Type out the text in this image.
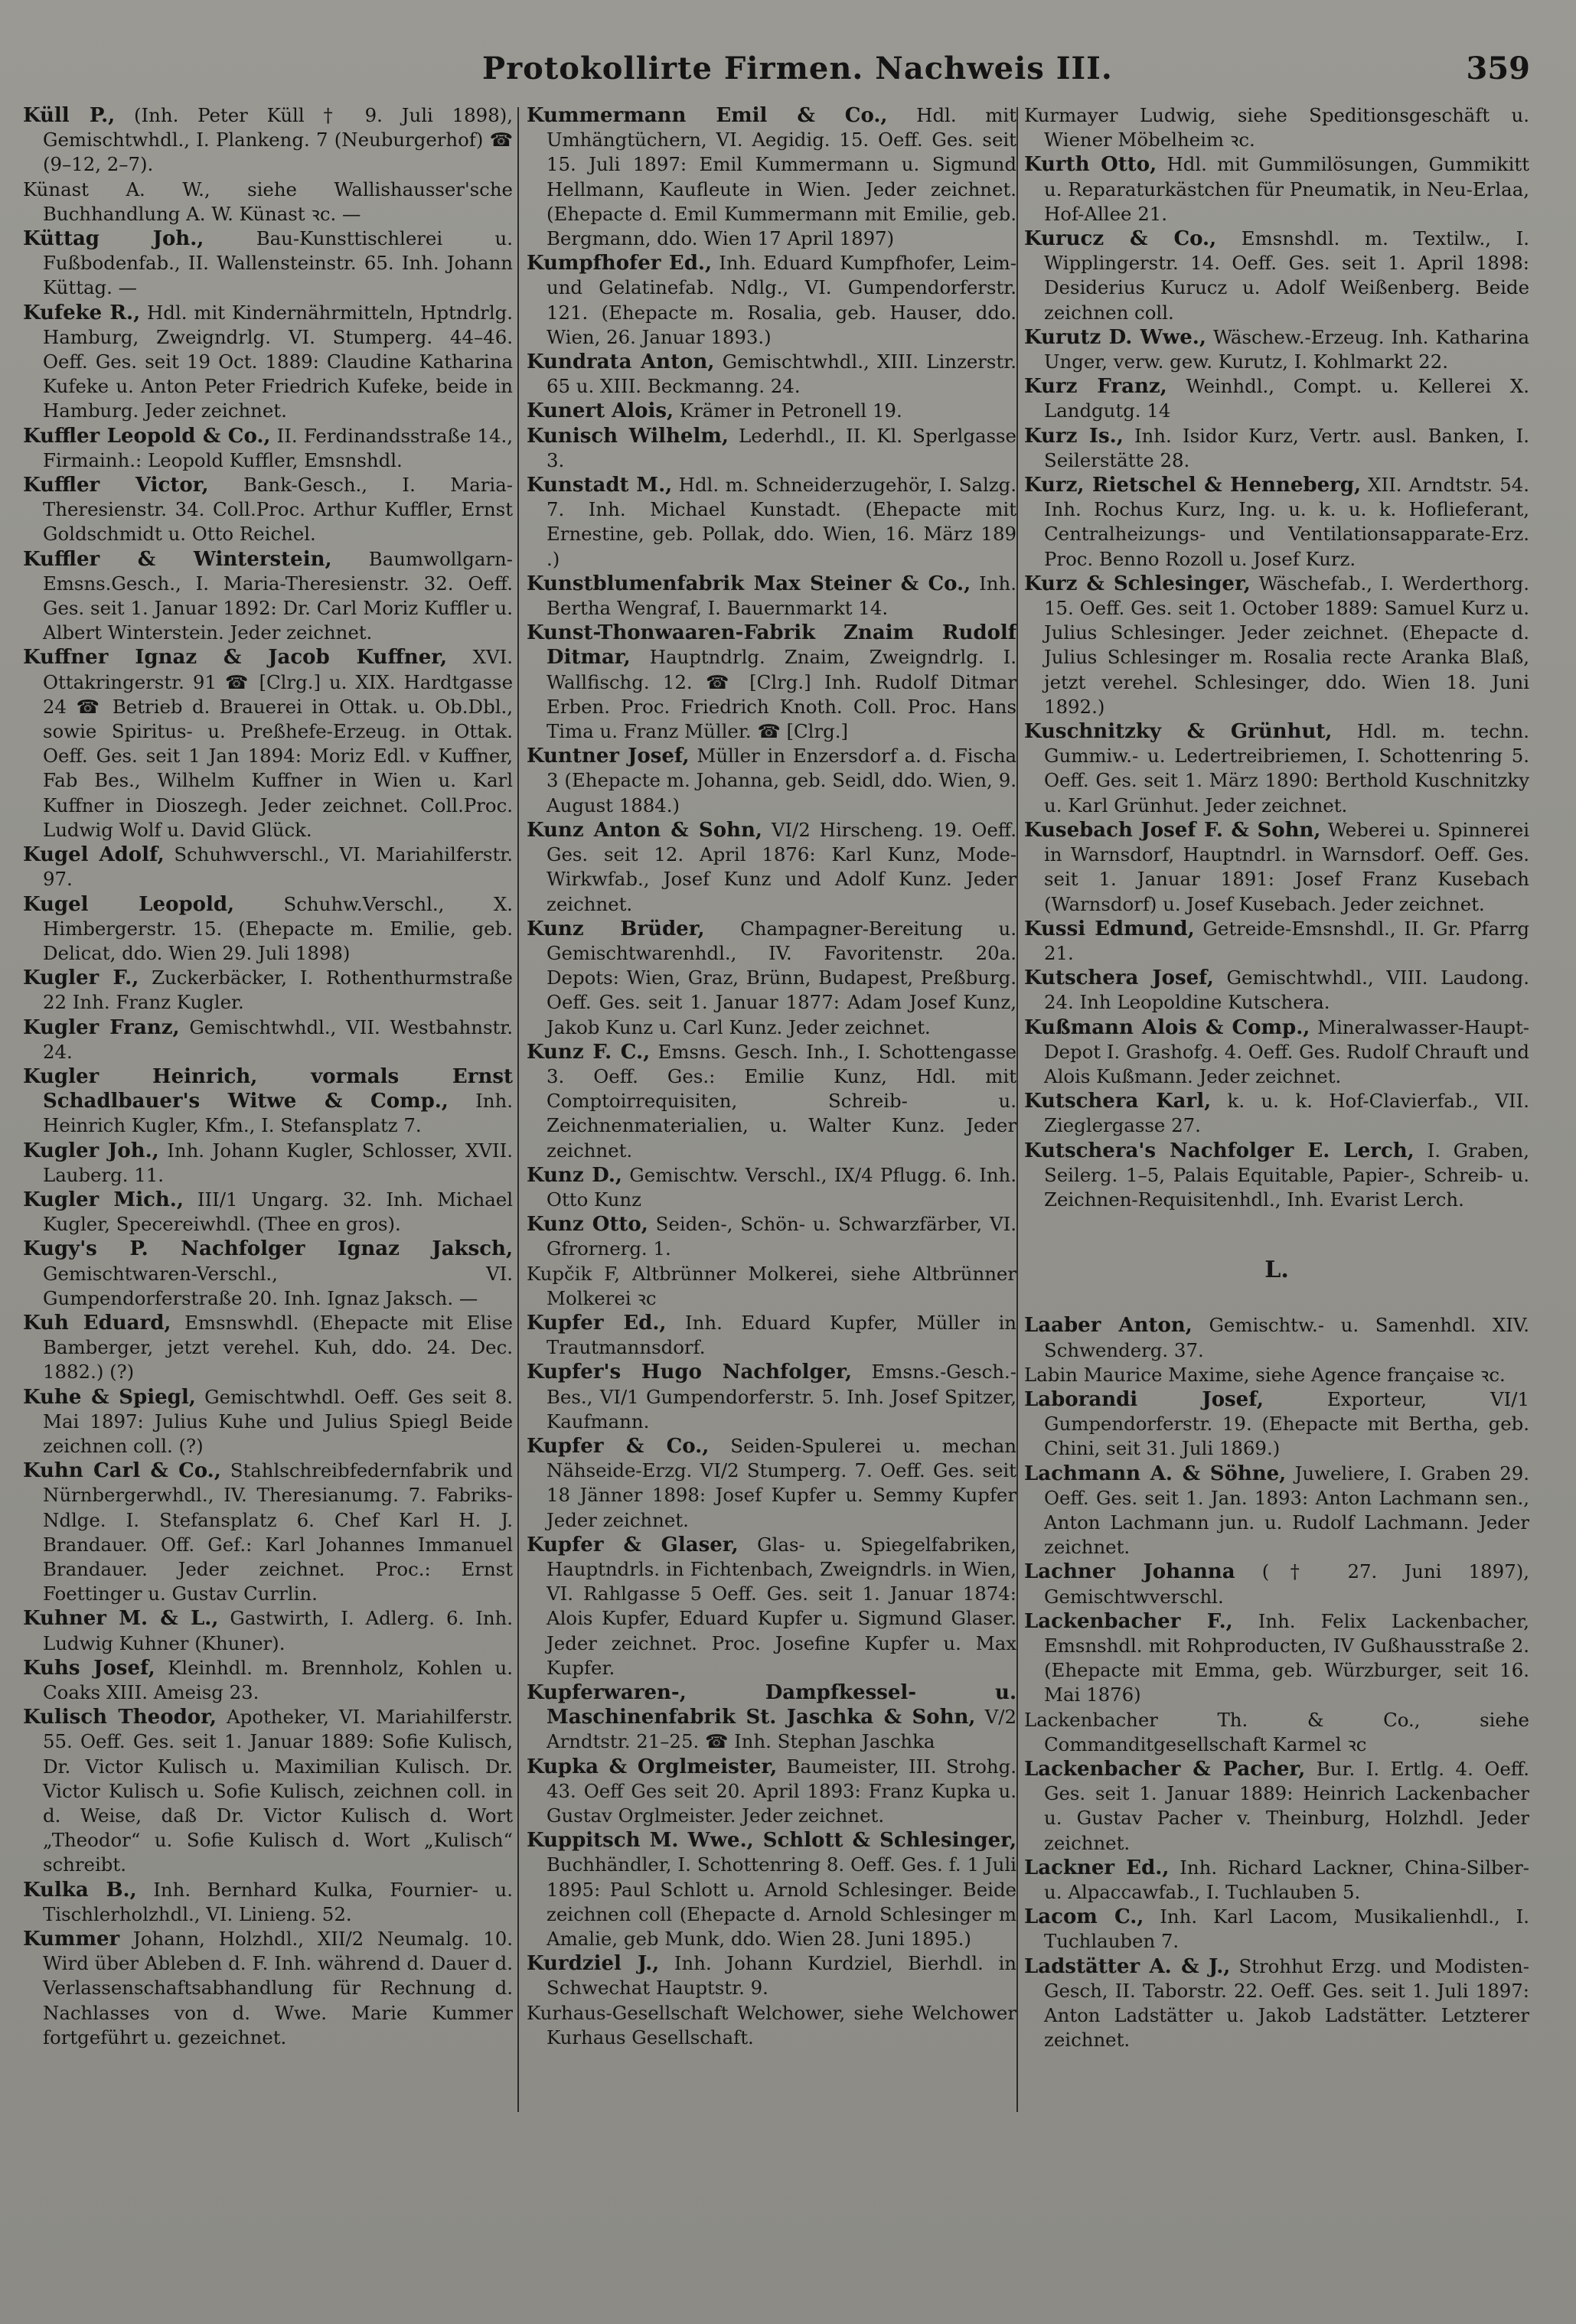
Protokollirte Firmen. Nachweis III.	359

Küll P., (Inh. Peter Küll † 9. Juli 1898), Gemischtwhdl., I. Plankeng. 7 (Neuburgerhof) ☎ (9–12, 2–7).

Künast A. W., siehe Wallishausser'sche Buchhandlung A. W. Künast ꝛc. —

Küttag Joh.,	Bau-Kunsttischlerei u. Fußbodenfab., II. Wallensteinstr. 65. Inh. Johann Küttag. —

Kufeke R., Hdl. mit Kindernährmitteln, Hptndrlg. Hamburg, Zweigndrlg. VI. Stumperg. 44–46. Oeff. Ges. seit 19 Oct. 1889: Claudine Katharina Kufeke u. Anton Peter Friedrich Kufeke, beide in Hamburg. Jeder zeichnet.

Kuffler Leopold & Co., II. Ferdinandsstraße 14., Firmainh.: Leopold Kuffler, Emsnshdl.

Kuffler Victor, Bank-Gesch., I. Maria-Theresienstr. 34. Coll.Proc. Arthur Kuffler, Ernst Goldschmidt u. Otto Reichel.

Kuffler & Winterstein, Baumwollgarn-Emsns.Gesch., I. Maria-Theresienstr. 32. Oeff. Ges. seit 1. Januar 1892: Dr. Carl Moriz Kuffler u. Albert Winterstein. Jeder zeichnet.

Kuffner Ignaz & Jacob Kuffner, XVI. Ottakringerstr. 91 ☎ [Clrg.] u. XIX. Hardtgasse 24 ☎ Betrieb d. Brauerei in Ottak. u. Ob.Dbl., sowie Spiritus- u. Preßhefe-Erzeug. in Ottak. Oeff. Ges. seit 1 Jan 1894: Moriz Edl. v Kuffner, Fab Bes., Wilhelm Kuffner in Wien u. Karl Kuffner in Dioszegh. Jeder zeichnet. Coll.Proc. Ludwig Wolf u. David Glück.

Kugel Adolf, Schuhwverschl., VI. Mariahilferstr. 97.

Kugel Leopold,	Schuhw.Verschl., X. Himbergerstr. 15. (Ehepacte m. Emilie, geb. Delicat, ddo. Wien 29. Juli 1898)

Kugler F., Zuckerbäcker, I. Rothenthurmstraße 22 Inh. Franz Kugler.

Kugler Franz, Gemischtwhdl., VII. Westbahnstr. 24.

Kugler Heinrich, vormals Ernst Schadlbauer's Witwe & Comp., Inh. Heinrich Kugler, Kfm., I. Stefansplatz 7.

Kugler Joh., Inh. Johann Kugler, Schlosser, XVII. Lauberg. 11.

Kugler Mich., III/1 Ungarg. 32. Inh. Michael Kugler, Specereiwhdl. (Thee en gros).

Kugy's P. Nachfolger Ignaz Jaksch, Gemischtwaren-Verschl., VI. Gumpendorferstraße 20. Inh. Ignaz Jaksch. —

Kuh Eduard, Emsnswhdl. (Ehepacte mit Elise Bamberger, jetzt verehel. Kuh, ddo. 24. Dec. 1882.) (?)

Kuhe & Spiegl, Gemischtwhdl. Oeff. Ges seit 8. Mai 1897: Julius Kuhe und Julius Spiegl Beide zeichnen coll. (?)

Kuhn Carl & Co., Stahlschreibfedernfabrik und Nürnbergerwhdl., IV. Theresianumg. 7. Fabriks-Ndlge. I. Stefansplatz 6. Chef Karl H. J. Brandauer. Off. Gef.: Karl Johannes Immanuel Brandauer. Jeder zeichnet. Proc.: Ernst Foettinger u. Gustav Currlin.

Kuhner M. & L., Gastwirth, I. Adlerg. 6. Inh. Ludwig Kuhner (Khuner).

Kuhs Josef, Kleinhdl. m. Brennholz, Kohlen u. Coaks XIII. Ameisg 23.

Kulisch Theodor, Apotheker, VI. Mariahilferstr. 55. Oeff. Ges. seit 1. Januar 1889: Sofie Kulisch, Dr. Victor Kulisch u. Maximilian Kulisch. Dr. Victor Kulisch u. Sofie Kulisch, zeichnen coll. in d. Weise, daß Dr. Victor Kulisch d. Wort „Theodor“ u. Sofie Kulisch d. Wort „Kulisch“ schreibt.

Kulka B., Inh. Bernhard Kulka, Fournier- u. Tischlerholzhdl., VI. Linieng. 52.

Kummer Johann, Holzhdl., XII/2 Neumalg. 10. Wird über Ableben d. F. Inh. während d. Dauer d. Verlassenschaftsabhandlung für Rechnung d. Nachlasses von d. Wwe. Marie Kummer fortgeführt u. gezeichnet.

Kummermann Emil & Co., Hdl. mit Umhängtüchern, VI. Aegidig. 15. Oeff. Ges. seit 15. Juli 1897: Emil Kummermann u. Sigmund Hellmann, Kaufleute in Wien. Jeder zeichnet. (Ehepacte d. Emil Kummermann mit Emilie, geb. Bergmann, ddo. Wien 17 April 1897)

Kumpfhofer Ed., Inh. Eduard Kumpfhofer, Leim- und Gelatinefab. Ndlg., VI. Gumpendorferstr. 121. (Ehepacte m. Rosalia, geb. Hauser, ddo. Wien, 26. Januar 1893.)

Kundrata Anton, Gemischtwhdl., XIII. Linzerstr. 65 u. XIII. Beckmanng. 24.

Kunert Alois, Krämer in Petronell 19.

Kunisch Wilhelm, Lederhdl., II. Kl. Sperlgasse 3.

Kunstadt M., Hdl. m. Schneiderzugehör, I. Salzg. 7. Inh. Michael Kunstadt. (Ehepacte mit Ernestine, geb. Pollak, ddo. Wien, 16. März 189 .)

Kunstblumenfabrik Max Steiner & Co., Inh. Bertha Wengraf, I. Bauernmarkt 14.

Kunst-Thonwaaren-Fabrik Znaim Rudolf Ditmar, Hauptndrlg. Znaim, Zweigndrlg. I. Wallfischg. 12. ☎ [Clrg.] Inh. Rudolf Ditmar Erben. Proc. Friedrich Knoth. Coll. Proc. Hans Tima u. Franz Müller. ☎ [Clrg.]

Kuntner Josef, Müller in Enzersdorf a. d. Fischa 3 (Ehepacte m. Johanna, geb. Seidl, ddo. Wien, 9. August 1884.)

Kunz Anton & Sohn, VI/2 Hirscheng. 19. Oeff. Ges. seit 12. April 1876: Karl Kunz, Mode-Wirkwfab., Josef Kunz und Adolf Kunz. Jeder zeichnet.

Kunz Brüder, Champagner-Bereitung u. Gemischtwarenhdl., IV. Favoritenstr. 20a. Depots: Wien, Graz, Brünn, Budapest, Preßburg. Oeff. Ges. seit 1. Januar 1877: Adam Josef Kunz, Jakob Kunz u. Carl Kunz. Jeder zeichnet.

Kunz F. C., Emsns. Gesch. Inh., I. Schottengasse 3. Oeff. Ges.: Emilie Kunz, Hdl. mit Comptoirrequisiten, Schreib- u. Zeichnenmaterialien, u. Walter Kunz. Jeder zeichnet.

Kunz D., Gemischtw. Verschl., IX/4 Pflugg. 6. Inh. Otto Kunz

Kunz Otto, Seiden-, Schön- u. Schwarzfärber, VI. Gfrornerg. 1.

Kupčik F, Altbrünner Molkerei, siehe Altbrünner Molkerei ꝛc

Kupfer Ed., Inh. Eduard Kupfer, Müller in Trautmannsdorf.

Kupfer's Hugo Nachfolger, Emsns.-Gesch.-Bes., VI/1 Gumpendorferstr. 5. Inh. Josef Spitzer, Kaufmann.

Kupfer & Co., Seiden-Spulerei u. mechan Nähseide-Erzg. VI/2 Stumperg. 7. Oeff. Ges. seit 18 Jänner 1898: Josef Kupfer u. Semmy Kupfer Jeder zeichnet.

Kupfer & Glaser, Glas- u. Spiegelfabriken, Hauptndrls. in Fichtenbach, Zweigndrls. in Wien, VI. Rahlgasse 5 Oeff. Ges. seit 1. Januar 1874: Alois Kupfer, Eduard Kupfer u. Sigmund Glaser. Jeder zeichnet. Proc. Josefine Kupfer u. Max Kupfer.

Kupferwaren-, Dampfkessel- u. Maschinenfabrik St. Jaschka & Sohn, V/2 Arndtstr. 21–25. ☎ Inh. Stephan Jaschka

Kupka & Orglmeister, Baumeister, III. Strohg. 43. Oeff Ges seit 20. April 1893: Franz Kupka u. Gustav Orglmeister. Jeder zeichnet.

Kuppitsch M. Wwe., Schlott & Schlesinger, Buchhändler, I. Schottenring 8. Oeff. Ges. f. 1 Juli 1895: Paul Schlott u. Arnold Schlesinger. Beide zeichnen coll (Ehepacte d. Arnold Schlesinger m Amalie, geb Munk, ddo. Wien 28. Juni 1895.)

Kurdziel J., Inh. Johann Kurdziel, Bierhdl. in Schwechat Hauptstr. 9.

Kurhaus-Gesellschaft Welchower, siehe Welchower Kurhaus Gesellschaft.

Kurmayer Ludwig, siehe Speditionsgeschäft u. Wiener Möbelheim ꝛc.

Kurth Otto, Hdl. mit Gummilösungen, Gummikitt u. Reparaturkästchen für Pneumatik, in Neu-Erlaa, Hof-Allee 21.

Kurucz & Co., Emsnshdl. m. Textilw., I. Wipplingerstr. 14. Oeff. Ges. seit 1. April 1898: Desiderius Kurucz u. Adolf Weißenberg. Beide zeichnen coll.

Kurutz D. Wwe., Wäschew.-Erzeug. Inh. Katharina Unger, verw. gew. Kurutz, I. Kohlmarkt 22.

Kurz Franz, Weinhdl., Compt. u. Kellerei X. Landgutg. 14

Kurz Is., Inh. Isidor Kurz, Vertr. ausl. Banken, I. Seilerstätte 28.

Kurz, Rietschel & Henneberg, XII. Arndtstr. 54. Inh. Rochus Kurz, Ing. u. k. u. k. Hoflieferant, Centralheizungs- und Ventilationsapparate-Erz. Proc. Benno Rozoll u. Josef Kurz.

Kurz & Schlesinger, Wäschefab., I. Werderthorg. 15. Oeff. Ges. seit 1. October 1889: Samuel Kurz u. Julius Schlesinger. Jeder zeichnet. (Ehepacte d. Julius Schlesinger m. Rosalia recte Aranka Blaß, jetzt verehel. Schlesinger, ddo. Wien 18. Juni 1892.)

Kuschnitzky & Grünhut, Hdl. m. techn. Gummiw.- u. Ledertreibriemen, I. Schottenring 5. Oeff. Ges. seit 1. März 1890: Berthold Kuschnitzky u. Karl Grünhut. Jeder zeichnet.

Kusebach Josef F. & Sohn, Weberei u. Spinnerei in Warnsdorf, Hauptndrl. in Warnsdorf. Oeff. Ges. seit 1. Januar 1891: Josef Franz Kusebach (Warnsdorf) u. Josef Kusebach. Jeder zeichnet.

Kussi Edmund, Getreide-Emsnshdl., II. Gr. Pfarrg 21.

Kutschera Josef, Gemischtwhdl., VIII. Laudong. 24. Inh Leopoldine Kutschera.

Kußmann Alois & Comp., Mineralwasser-Haupt-Depot I. Grashofg. 4. Oeff. Ges. Rudolf Chrauft und Alois Kußmann. Jeder zeichnet.

Kutschera Karl, k. u. k. Hof-Clavierfab., VII. Zieglergasse 27.

Kutschera's Nachfolger E. Lerch, I. Graben, Seilerg. 1–5, Palais Equitable, Papier-, Schreib- u. Zeichnen-Requisitenhdl., Inh. Evarist Lerch.

L.

Laaber Anton, Gemischtw.- u. Samenhdl. XIV. Schwenderg. 37.

Labin Maurice Maxime, siehe Agence française ꝛc.

Laborandi Josef,	Exporteur, VI/1 Gumpendorferstr. 19. (Ehepacte mit Bertha, geb. Chini, seit 31. Juli 1869.)

Lachmann A. & Söhne, Juweliere, I. Graben 29. Oeff. Ges. seit 1. Jan. 1893: Anton Lachmann sen., Anton Lachmann jun. u. Rudolf Lachmann. Jeder zeichnet.

Lachner Johanna († 27. Juni 1897), Gemischtwverschl.

Lackenbacher F., Inh. Felix Lackenbacher, Emsnshdl. mit Rohproducten, IV Gußhausstraße 2. (Ehepacte mit Emma, geb. Würzburger, seit 16. Mai 1876)

Lackenbacher Th. & Co., siehe Commanditgesellschaft Karmel ꝛc

Lackenbacher & Pacher, Bur. I. Ertlg. 4. Oeff. Ges. seit 1. Januar 1889: Heinrich Lackenbacher u. Gustav Pacher v. Theinburg, Holzhdl. Jeder zeichnet.

Lackner Ed., Inh. Richard Lackner, China-Silber- u. Alpaccawfab., I. Tuchlauben 5.

Lacom C., Inh. Karl Lacom, Musikalienhdl., I. Tuchlauben 7.

Ladstätter A. & J., Strohhut Erzg. und Modisten-Gesch, II. Taborstr. 22. Oeff. Ges. seit 1. Juli 1897: Anton Ladstätter u. Jakob Ladstätter. Letzterer zeichnet.
